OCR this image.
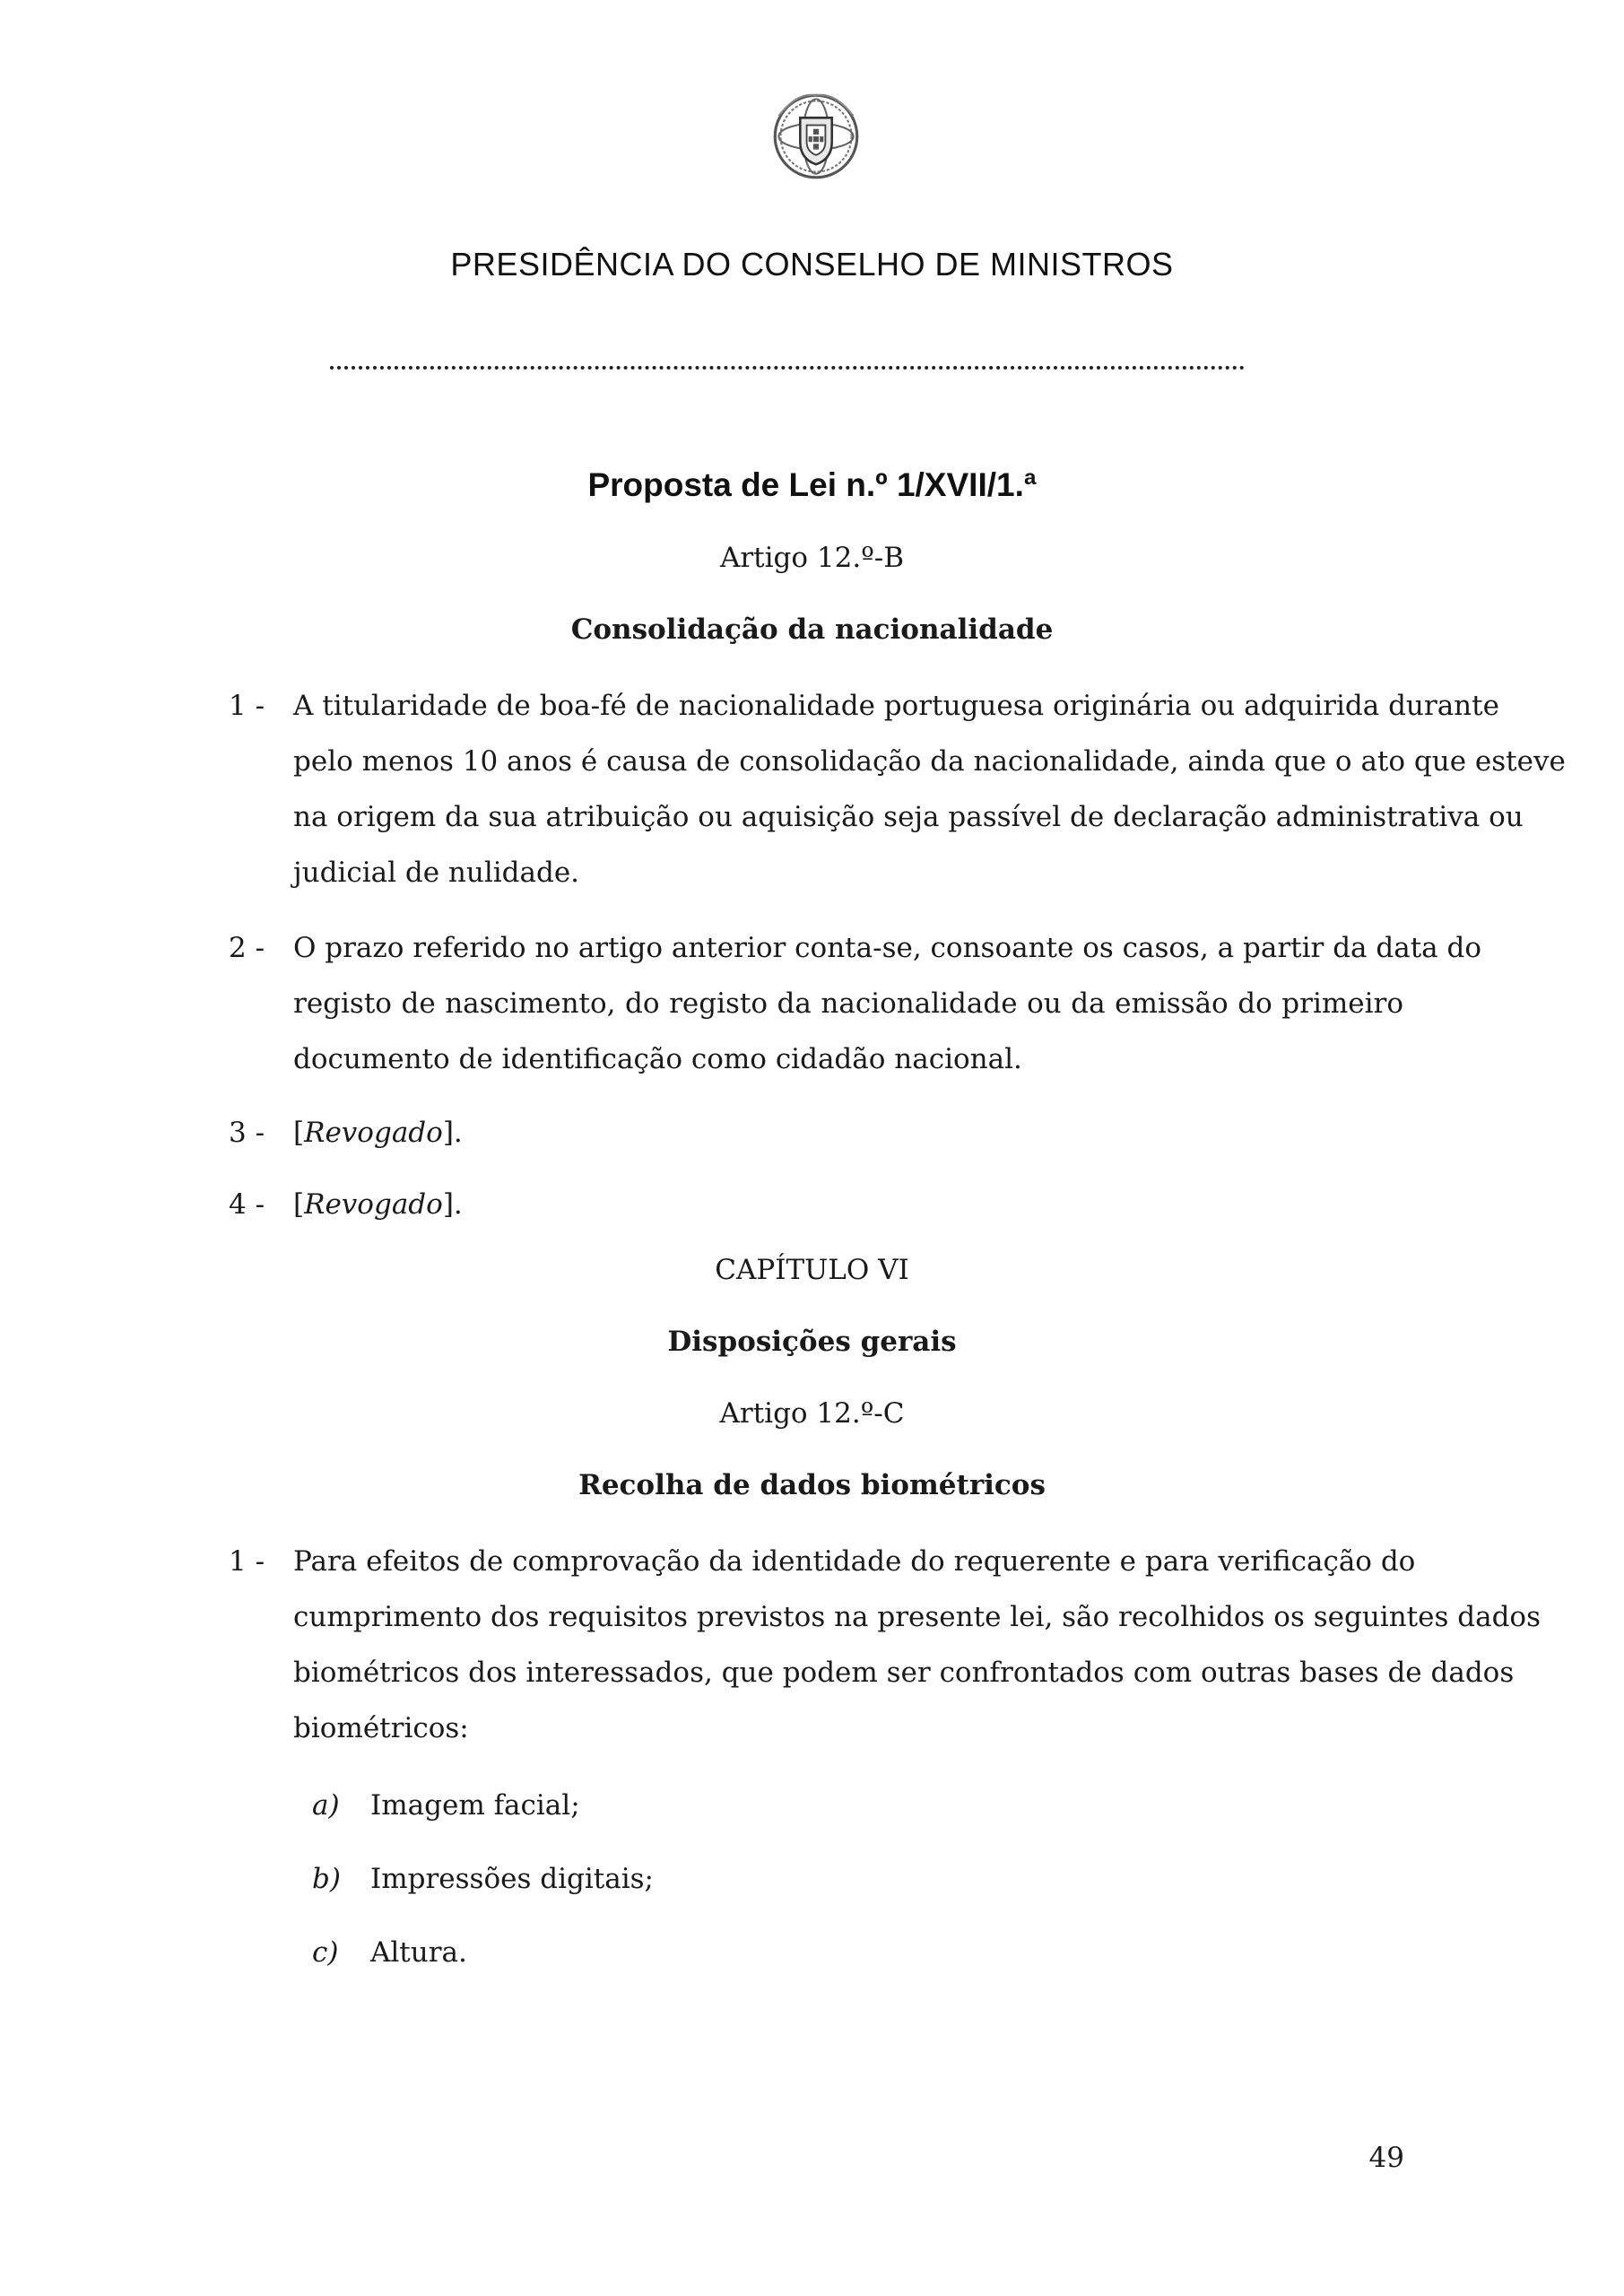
PRESIDÊNCIA DO CONSELHO DE MINISTROS
Proposta de Lei n.º 1/XVII/1.ª
Artigo 12.º-B
Consolidação da nacionalidade
1 - A titularidade de boa-fé de nacionalidade portuguesa originária ou adquirida durante
pelo menos 10 anos é causa de consolidação da nacionalidade, ainda que o ato que esteve
na origem da sua atribuição ou aquisição seja passível de declaração administrativa ou
judicial de nulidade.
2 - O prazo referido no artigo anterior conta-se, consoante os casos, a partir da data do
registo de nascimento, do registo da nacionalidade ou da emissão do primeiro
documento de identificação como cidadão nacional.
3 - [Revogado].
4 - [Revogado].
CAPÍTULO VI
Disposições gerais
Artigo 12.º-C
Recolha de dados biométricos
1 - Para efeitos de comprovação da identidade do requerente e para verificação do
cumprimento dos requisitos previstos na presente lei, são recolhidos os seguintes dados
biométricos dos interessados, que podem ser confrontados com outras bases de dados
biométricos:
a) Imagem facial;
b) Impressões digitais;
c) Altura.
49
